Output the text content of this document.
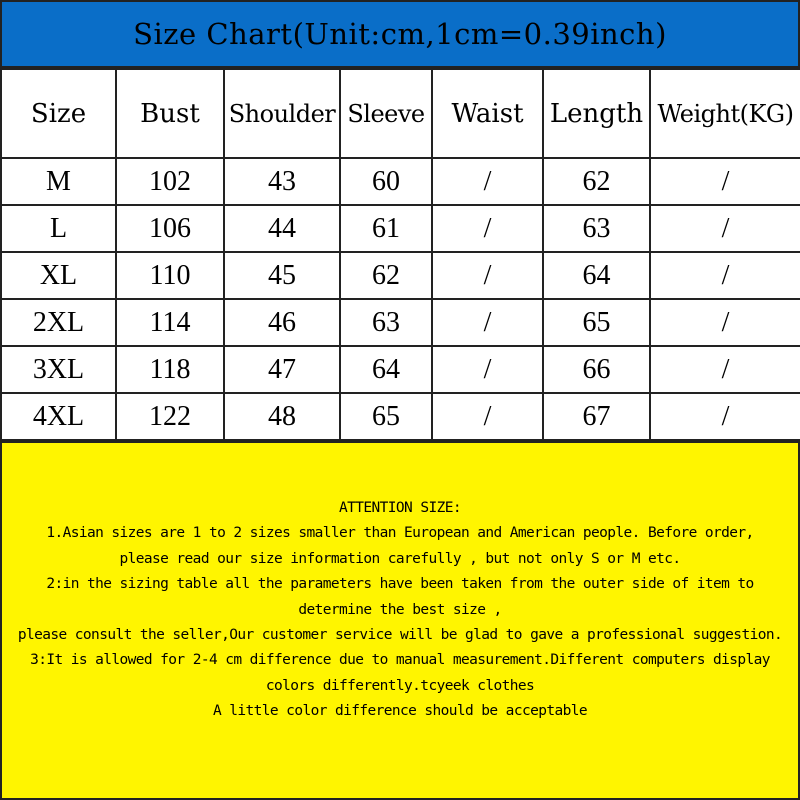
Size Chart(Unit:cm,1cm=0.39inch)
Size	Bust	Shoulder	Sleeve	Waist	Length	Weight(KG)
M	102	43	60	/	62	/
L	106	44	61	/	63	/
XL	110	45	62	/	64	/
2XL	114	46	63	/	65	/
3XL	118	47	64	/	66	/
4XL	122	48	65	/	67	/

ATTENTION SIZE:

1.Asian sizes are 1 to 2 sizes smaller than European and American people. Before order,

please read our size information carefully , but not only S or M etc.

2:in the sizing table all the parameters have been taken from the outer side of item to

determine the best size ,

please consult the seller,Our customer service will be glad to gave a professional suggestion.

3:It is allowed for 2-4 cm difference due to manual measurement.Different computers display

colors differently.tcyeek clothes

A little color difference should be acceptable
